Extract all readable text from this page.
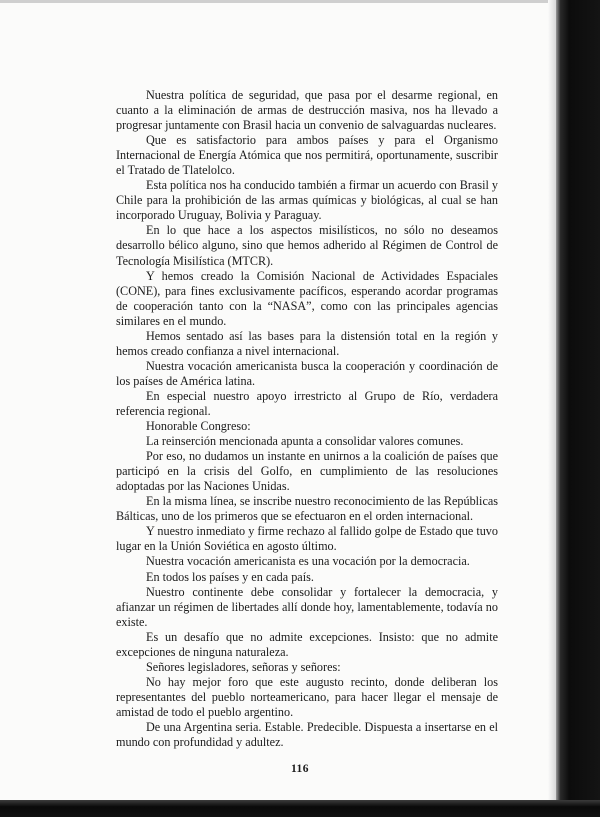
Nuestra política de seguridad, que pasa por el desarme regional, en cuanto a la eliminación de armas de destrucción masiva, nos ha llevado a progresar juntamente con Brasil hacia un convenio de salvaguardas nucleares.

Que es satisfactorio para ambos países y para el Organismo Internacional de Energía Atómica que nos permitirá, oportunamente, suscribir el Tratado de Tlatelolco.

Esta política nos ha conducido también a firmar un acuerdo con Brasil y Chile para la prohibición de las armas químicas y biológicas, al cual se han incorporado Uruguay, Bolivia y Paraguay.

En lo que hace a los aspectos misilísticos, no sólo no deseamos desarrollo bélico alguno, sino que hemos adherido al Régimen de Control de Tecnología Misilística (MTCR).

Y hemos creado la Comisión Nacional de Actividades Espaciales (CONE), para fines exclusivamente pacíficos, esperando acordar programas de cooperación tanto con la “NASA”, como con las principales agencias similares en el mundo.

Hemos sentado así las bases para la distensión total en la región y hemos creado confianza a nivel internacional.

Nuestra vocación americanista busca la cooperación y coordinación de los países de América latina.

En especial nuestro apoyo irrestricto al Grupo de Río, verdadera referencia regional.

Honorable Congreso:

La reinserción mencionada apunta a consolidar valores comunes.

Por eso, no dudamos un instante en unirnos a la coalición de países que participó en la crisis del Golfo, en cumplimiento de las resoluciones adoptadas por las Naciones Unidas.

En la misma línea, se inscribe nuestro reconocimiento de las Repúblicas Bálticas, uno de los primeros que se efectuaron en el orden internacional.

Y nuestro inmediato y firme rechazo al fallido golpe de Estado que tuvo lugar en la Unión Soviética en agosto último.

Nuestra vocación americanista es una vocación por la democracia.

En todos los países y en cada país.

Nuestro continente debe consolidar y fortalecer la democracia, y afianzar un régimen de libertades allí donde hoy, lamentablemente, todavía no existe.

Es un desafío que no admite excepciones. Insisto: que no admite excepciones de ninguna naturaleza.

Señores legisladores, señoras y señores:

No hay mejor foro que este augusto recinto, donde deliberan los representantes del pueblo norteamericano, para hacer llegar el mensaje de amistad de todo el pueblo argentino.

De una Argentina seria. Estable. Predecible. Dispuesta a insertarse en el mundo con profundidad y adultez.

116
